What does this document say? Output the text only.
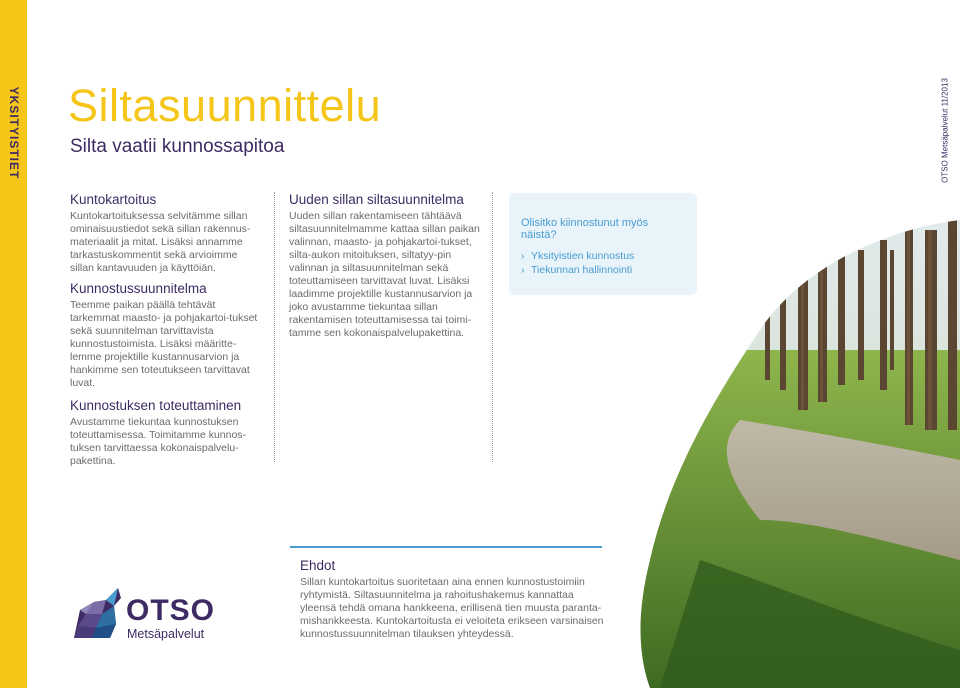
YKSITYISTIET Siltasuunnittelu
Silta vaatii kunnossapitoa	OTSO Metsäpalvelut 11/2013
Kuntokartoitus

Kuntokartoituksessa selvitämme sillan ominaisuustiedot sekä sillan rakennus-materiaalit ja mitat. Lisäksi annamme tarkastuskommentit sekä arvioimme sillan kantavuuden ja käyttöiän.

Kunnostussuunnitelma

Teemme paikan päällä tehtävät tarkemmat maasto- ja pohjakartoi-tukset sekä suunnitelman tarvittavista kunnostustoimista. Lisäksi määritte-lemme projektille kustannusarvion ja hankimme sen toteutukseen tarvittavat luvat.

Kunnostuksen toteuttaminen

Avustamme tiekuntaa kunnostuksen toteuttamisessa. Toimitamme kunnos-tuksen tarvittaessa kokonaispalvelu-pakettina.

Uuden sillan siltasuunnitelma

Uuden sillan rakentamiseen tähtäävä siltasuunnitelmamme kattaa sillan paikan valinnan, maasto- ja pohjakartoi-tukset, silta-aukon mitoituksen, siltatyy-pin valinnan ja siltasuunnitelman sekä toteuttamiseen tarvittavat luvat. Lisäksi laadimme projektille kustannusarvion ja joko avustamme tiekuntaa sillan rakentamisen toteuttamisessa tai toimi-tamme sen kokonaispalvelupakettina.

Olisitko kiinnostunut myös näistä?

› Yksityistien kunnostus
› Tiekunnan hallinnointi
Ehdot

Sillan kuntokartoitus suoritetaan aina ennen kunnostustoimiin ryhtymistä. Siltasuunnitelma ja rahoitushakemus kannattaa yleensä tehdä omana hankkeena, erillisenä tien muusta paranta-mishankkeesta. Kuntokartoitusta ei veloiteta erikseen varsinaisen kunnostussuunnitelman tilauksen yhteydessä.

OTSO

Metsäpalvelut
